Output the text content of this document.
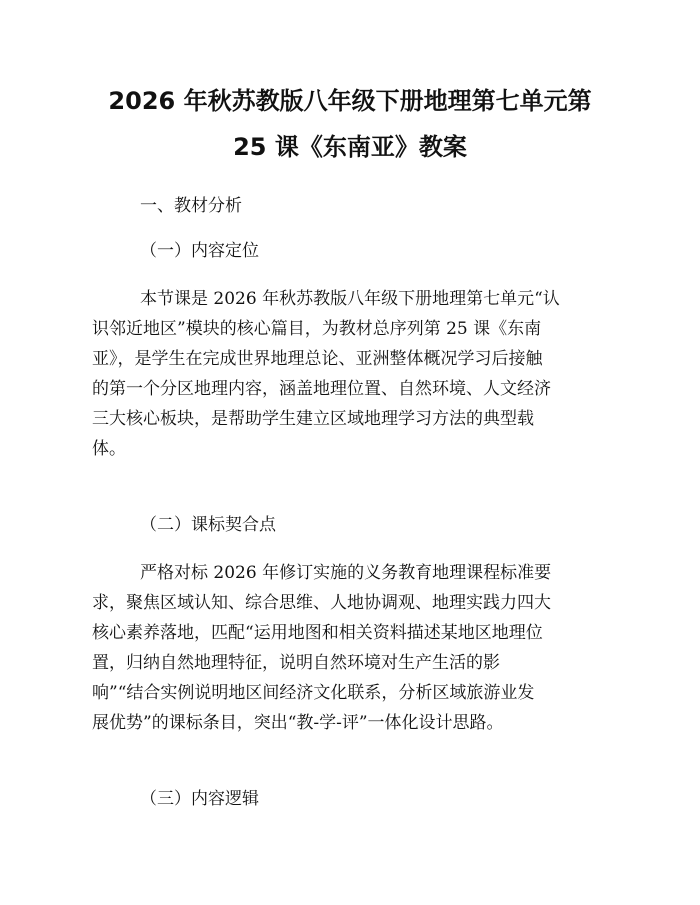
2026 年秋苏教版八年级下册地理第七单元第
25 课《东南亚》教案
一、教材分析
（一）内容定位
本节课是 2026 年秋苏教版八年级下册地理第七单元“认
识邻近地区”模块的核心篇目，为教材总序列第 25 课《东南
亚》，是学生在完成世界地理总论、亚洲整体概况学习后接触
的第一个分区地理内容，涵盖地理位置、自然环境、人文经济
三大核心板块，是帮助学生建立区域地理学习方法的典型载
体。
（二）课标契合点
严格对标 2026 年修订实施的义务教育地理课程标准要
求，聚焦区域认知、综合思维、人地协调观、地理实践力四大
核心素养落地，匹配“运用地图和相关资料描述某地区地理位
置，归纳自然地理特征，说明自然环境对生产生活的影
响”“结合实例说明地区间经济文化联系，分析区域旅游业发
展优势”的课标条目，突出“教-学-评”一体化设计思路。
（三）内容逻辑
